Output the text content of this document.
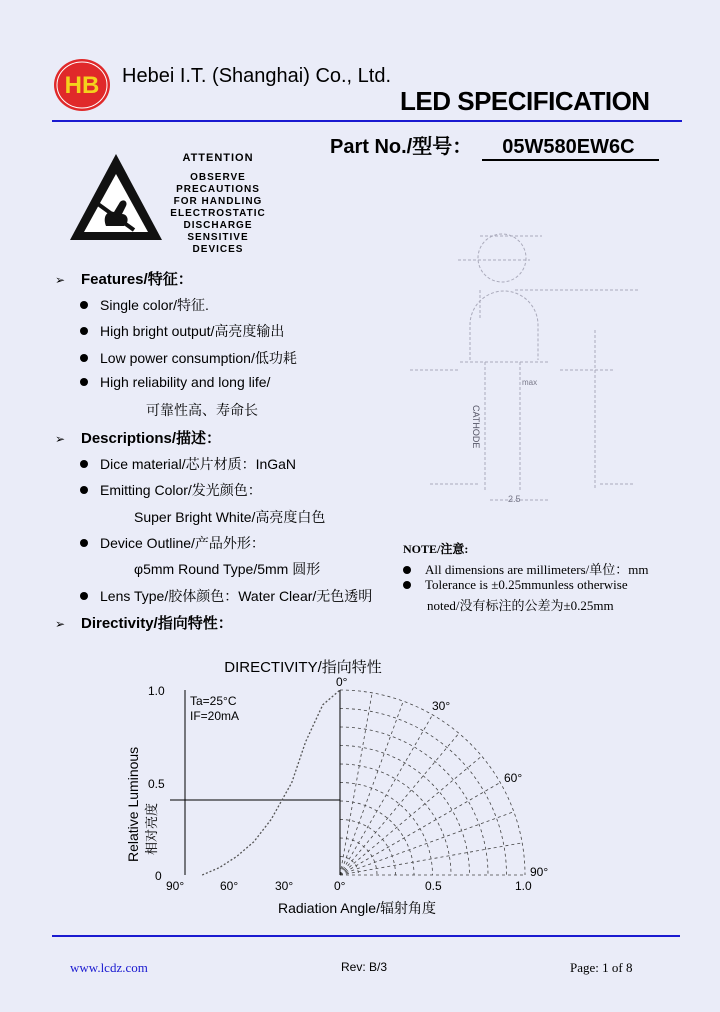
HB Hebei I.T. (Shanghai) Co., Ltd.
LED SPECIFICATION
Part No./型号： 05W580EW6C
ATTENTION
OBSERVE PRECAUTIONS
FOR HANDLING
ELECTROSTATIC
DISCHARGE
SENSITIVE
DEVICES
➢ Features/特征：
Single color/特征.
High bright output/高亮度输出
Low power consumption/低功耗
High reliability and long life/
可靠性高、寿命长
➢ Descriptions/描述：
Dice material/芯片材质：InGaN
Emitting Color/发光颜色：
Super Bright White/高亮度白色
Device Outline/产品外形：
φ5mm Round Type/5mm 圆形
Lens Type/胶体颜色：Water Clear/无色透明
➢ Directivity/指向特性：
max
2.5
CATHODE
NOTE/注意:
All dimensions are millimeters/单位：mm
Tolerance is ±0.25mmunless otherwise
noted/没有标注的公差为±0.25mm
DIRECTIVITY/指向特性
Ta=25°C
IF=20mA
1.0
0.5
0
90°	60°	30°	0°	0.5	1.0
0°
30°
60°
90°
Relative Luminous 相对亮度
Radiation Angle/辐射角度
www.lcdz.com	Rev: B/3	Page: 1 of 8
